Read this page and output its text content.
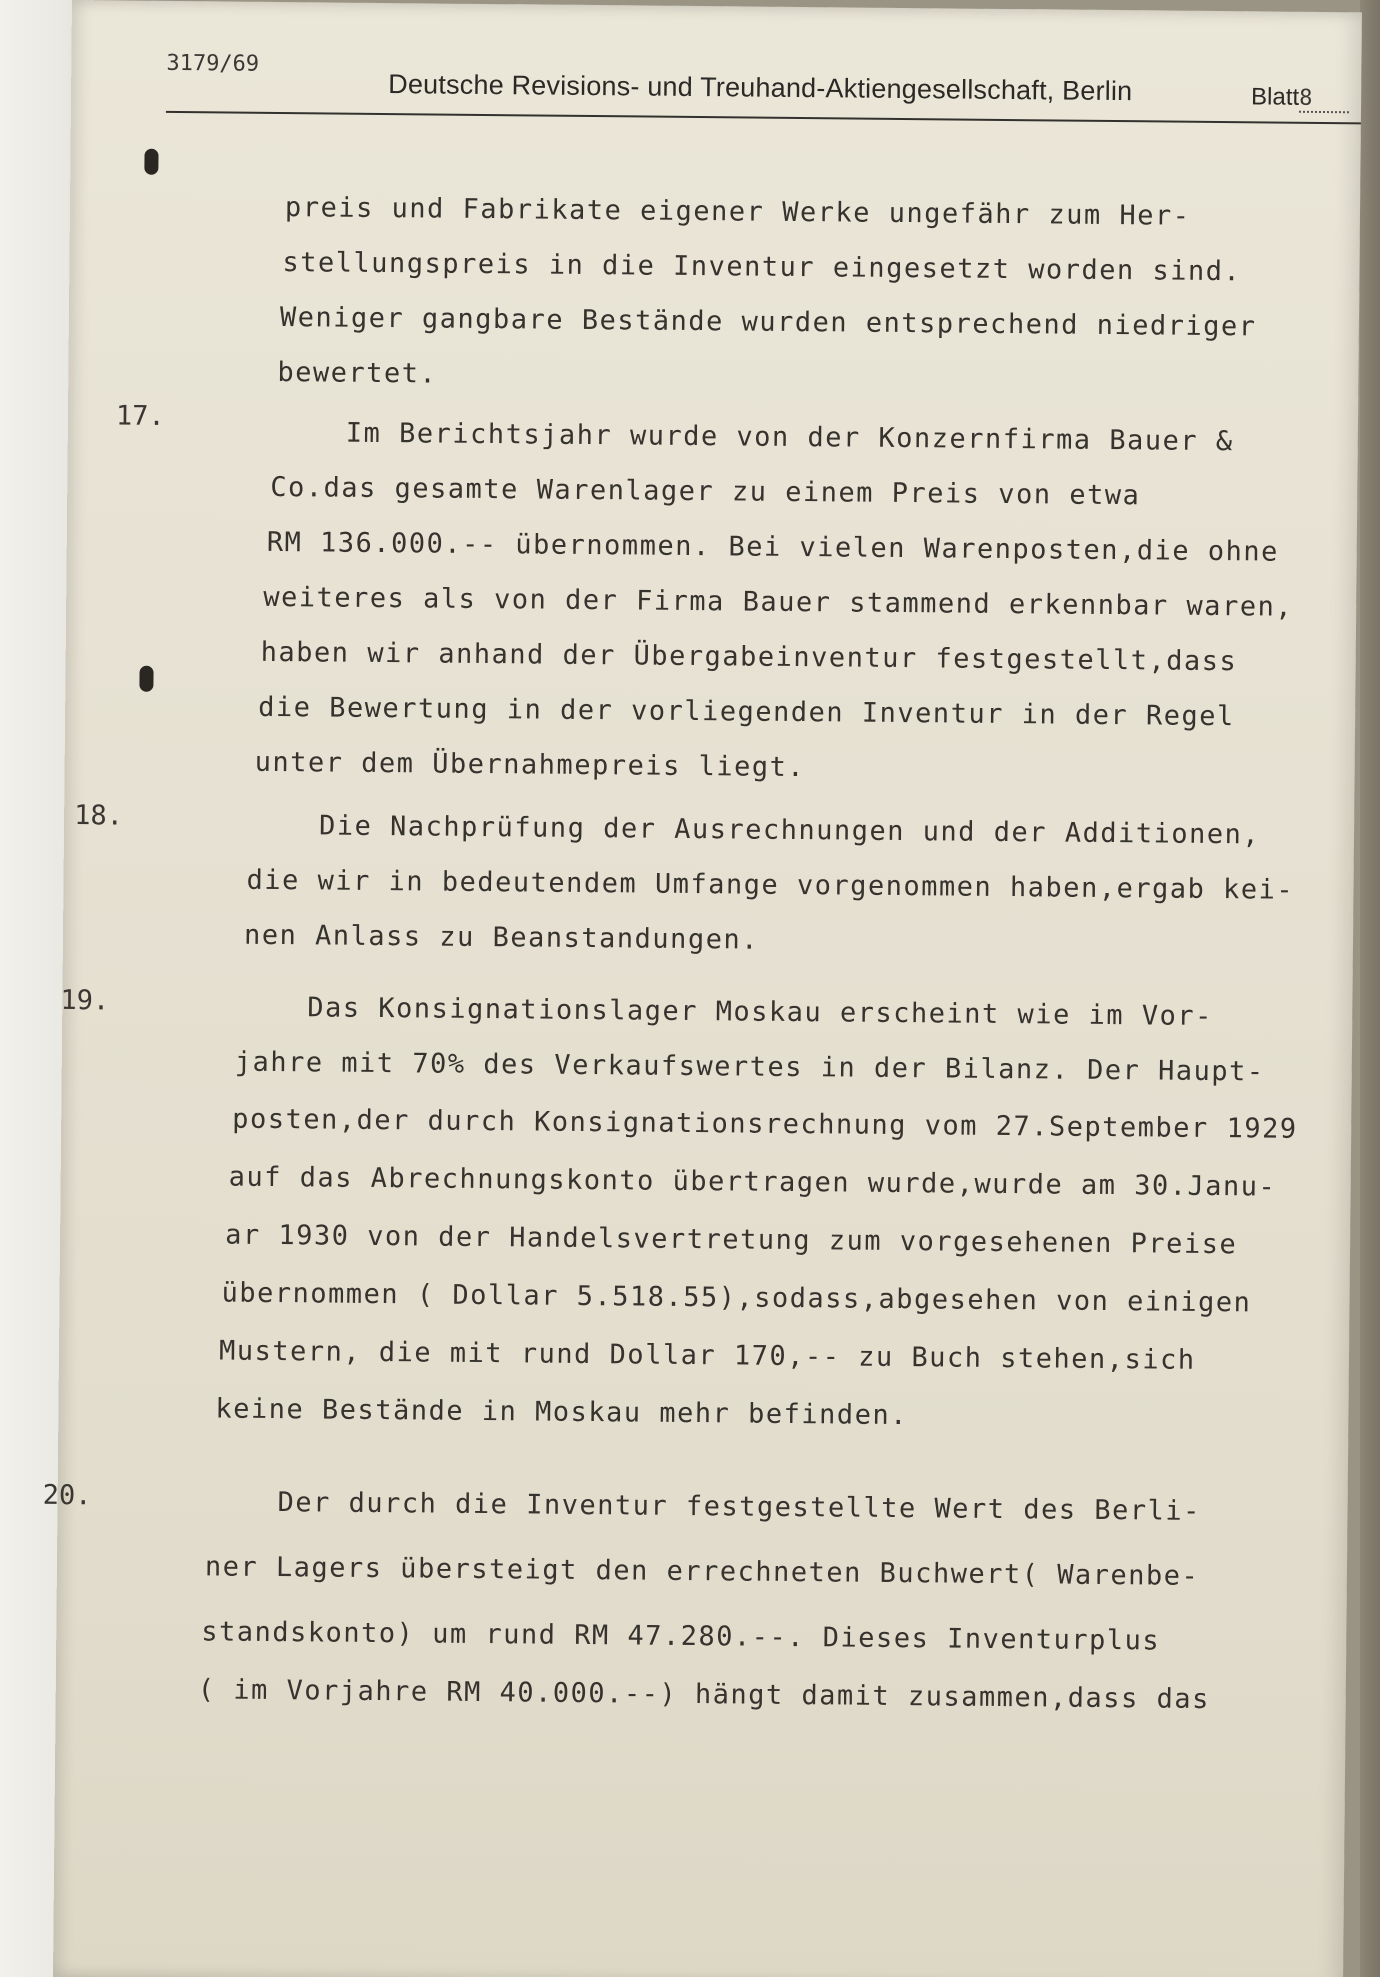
3179/69
Deutsche Revisions- und Treuhand-Aktiengesellschaft, Berlin	Blatt8
preis und Fabrikate eigener Werke ungefähr zum Her-
stellungspreis in die Inventur eingesetzt worden sind.
Weniger gangbare Bestände wurden entsprechend niedriger
bewertet.
17.
Im Berichtsjahr wurde von der Konzernfirma Bauer &
Co.das gesamte Warenlager zu einem Preis von etwa
RM 136.000.-- übernommen. Bei vielen Warenposten,die ohne
weiteres als von der Firma Bauer stammend erkennbar waren,
haben wir anhand der Übergabeinventur festgestellt,dass
die Bewertung in der vorliegenden Inventur in der Regel
unter dem Übernahmepreis liegt.
18.	Die Nachprüfung der Ausrechnungen und der Additionen,
die wir in bedeutendem Umfange vorgenommen haben,ergab kei-
nen Anlass zu Beanstandungen.
19.	Das Konsignationslager Moskau erscheint wie im Vor-
jahre mit 70% des Verkaufswertes in der Bilanz. Der Haupt-
posten,der durch Konsignationsrechnung vom 27.September 1929
auf das Abrechnungskonto übertragen wurde,wurde am 30.Janu-
ar 1930 von der Handelsvertretung zum vorgesehenen Preise
übernommen ( Dollar 5.518.55),sodass,abgesehen von einigen
Mustern, die mit rund Dollar 170,-- zu Buch stehen,sich
keine Bestände in Moskau mehr befinden.
20.	Der durch die Inventur festgestellte Wert des Berli-
ner Lagers übersteigt den errechneten Buchwert( Warenbe-
standskonto) um rund RM 47.280.--. Dieses Inventurplus
( im Vorjahre RM 40.000.--) hängt damit zusammen,dass das
